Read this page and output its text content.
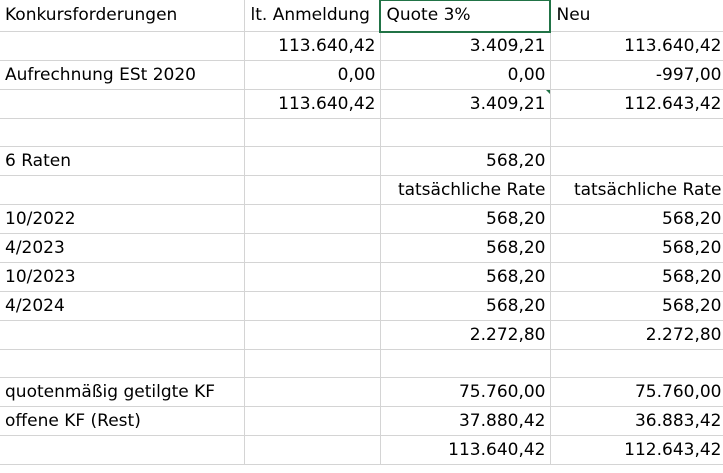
Konkursforderungen	lt. Anmeldung	Quote 3%	Neu
	113.640,42	3.409,21	113.640,42
Aufrechnung ESt 2020	0,00	0,00	-997,00
	113.640,42	3.409,21	112.643,42

6 Raten		568,20	
		tatsächliche Rate	tatsächliche Rate
10/2022		568,20	568,20
4/2023		568,20	568,20
10/2023		568,20	568,20
4/2024		568,20	568,20
		2.272,80	2.272,80

quotenmäßig getilgte KF		75.760,00	75.760,00
offene KF (Rest)		37.880,42	36.883,42
		113.640,42	112.643,42
